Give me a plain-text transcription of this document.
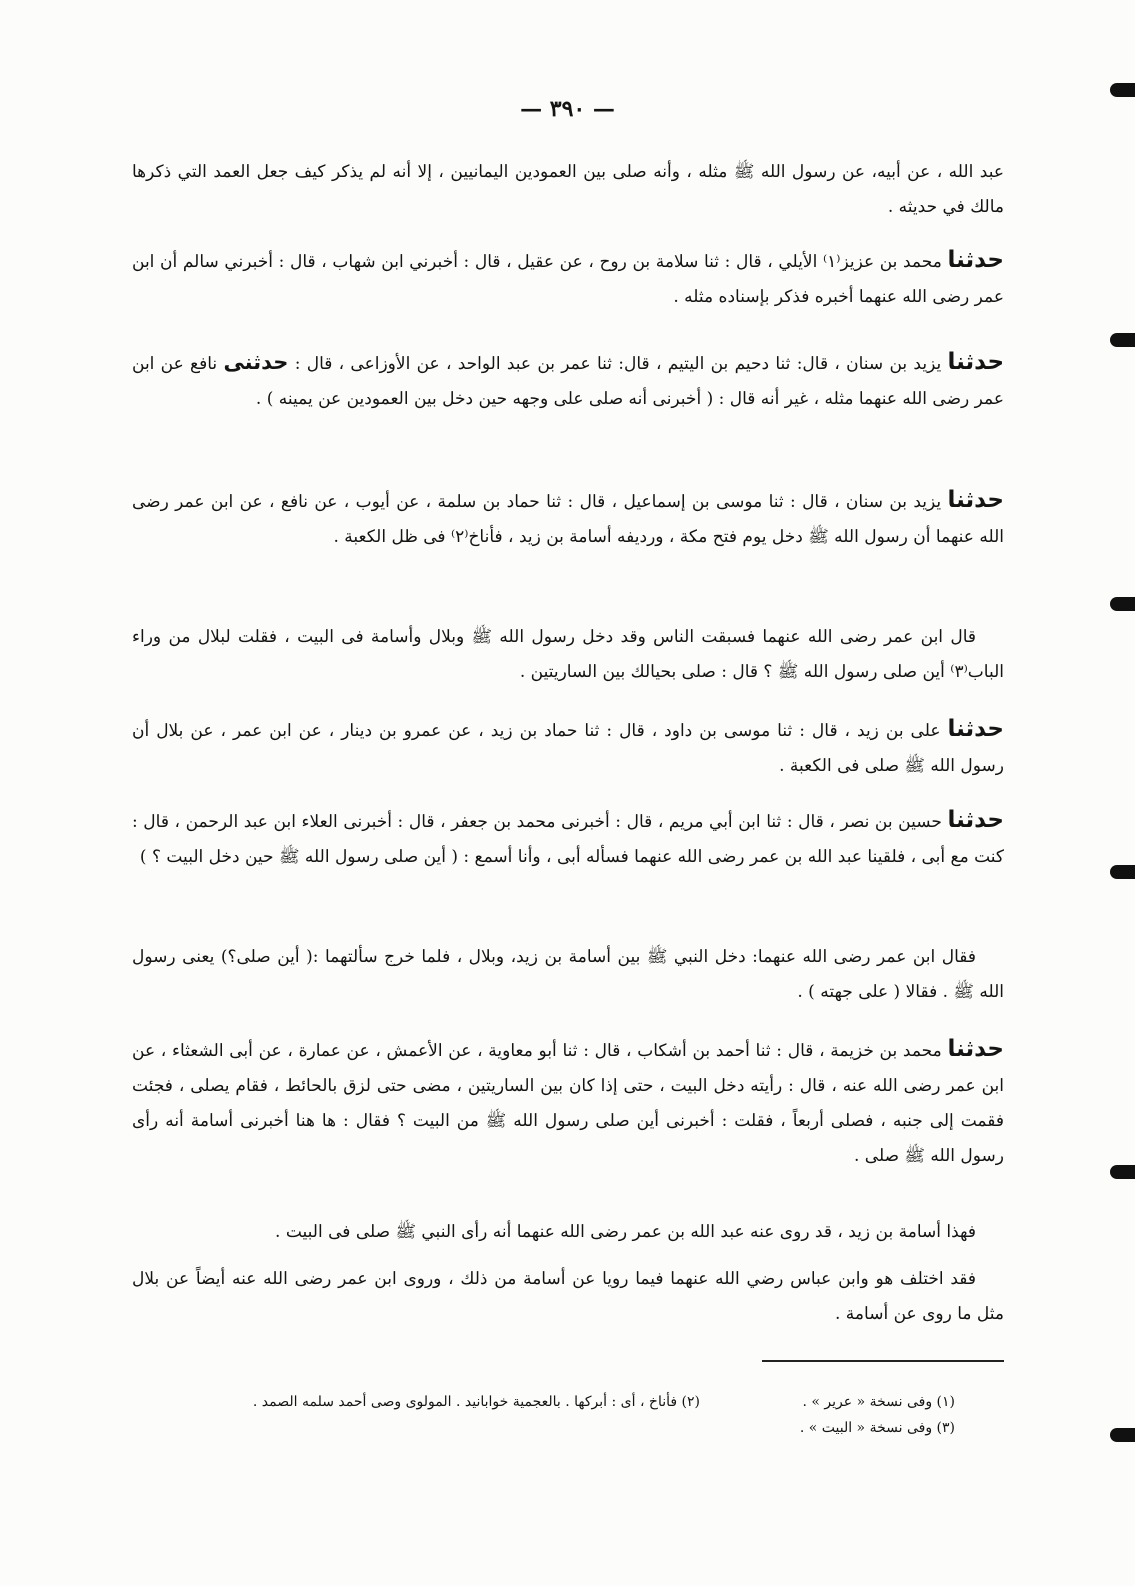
— ٣٩٠ —
عبد الله ، عن أبيه، عن رسول الله ﷺ مثله ، وأنه صلى بين العمودين اليمانيين ، إلا أنه لم يذكر كيف جعل العمد التي ذكرها مالك في حديثه .
حدثنا محمد بن عزيز⁽١⁾ الأيلي ، قال : ثنا سلامة بن روح ، عن عقيل ، قال : أخبرني ابن شهاب ، قال : أخبرني سالم أن ابن عمر رضى الله عنهما أخبره فذكر بإسناده مثله .
حدثنا يزيد بن سنان ، قال: ثنا دحيم بن اليتيم ، قال: ثنا عمر بن عبد الواحد ، عن الأوزاعى ، قال : حدثنى نافع عن ابن عمر رضى الله عنهما مثله ، غير أنه قال : ( أخبرنى أنه صلى على وجهه حين دخل بين العمودين عن يمينه ) .
حدثنا يزيد بن سنان ، قال : ثنا موسى بن إسماعيل ، قال : ثنا حماد بن سلمة ، عن أيوب ، عن نافع ، عن ابن عمر رضى الله عنهما أن رسول الله ﷺ دخل يوم فتح مكة ، ورديفه أسامة بن زيد ، فأناخ⁽٢⁾ فى ظل الكعبة .
قال ابن عمر رضى الله عنهما فسبقت الناس وقد دخل رسول الله ﷺ وبلال وأسامة فى البيت ، فقلت لبلال من وراء الباب⁽٣⁾ أين صلى رسول الله ﷺ ؟ قال : صلى بحيالك بين الساريتين .
حدثنا على بن زيد ، قال : ثنا موسى بن داود ، قال : ثنا حماد بن زيد ، عن عمرو بن دينار ، عن ابن عمر ، عن بلال أن رسول الله ﷺ صلى فى الكعبة .
حدثنا حسين بن نصر ، قال : ثنا ابن أبي مريم ، قال : أخبرنى محمد بن جعفر ، قال : أخبرنى العلاء ابن عبد الرحمن ، قال : كنت مع أبى ، فلقينا عبد الله بن عمر رضى الله عنهما فسأله أبى ، وأنا أسمع : ( أين صلى رسول الله ﷺ حين دخل البيت ؟ )
فقال ابن عمر رضى الله عنهما: دخل النبي ﷺ بين أسامة بن زيد، وبلال ، فلما خرج سألتهما :( أين صلى؟) يعنى رسول الله ﷺ . فقالا ( على جهته ) .
حدثنا محمد بن خزيمة ، قال : ثنا أحمد بن أشكاب ، قال : ثنا أبو معاوية ، عن الأعمش ، عن عمارة ، عن أبى الشعثاء ، عن ابن عمر رضى الله عنه ، قال : رأيته دخل البيت ، حتى إذا كان بين الساريتين ، مضى حتى لزق بالحائط ، فقام يصلى ، فجئت فقمت إلى جنبه ، فصلى أربعاً ، فقلت : أخبرنى أين صلى رسول الله ﷺ من البيت ؟ فقال : ها هنا أخبرنى أسامة أنه رأى رسول الله ﷺ صلى .
فهذا أسامة بن زيد ، قد روى عنه عبد الله بن عمر رضى الله عنهما أنه رأى النبي ﷺ صلى فى البيت .
فقد اختلف هو وابن عباس رضي الله عنهما فيما رويا عن أسامة من ذلك ، وروى ابن عمر رضى الله عنه أيضاً عن بلال مثل ما روى عن أسامة .
(١) وفى نسخة « عرير » .
(٣) وفى نسخة « البيت » .
(٢) فأناخ ، أى : أبركها . بالعجمية خوابانيد . المولوى وصى أحمد سلمه الصمد .
